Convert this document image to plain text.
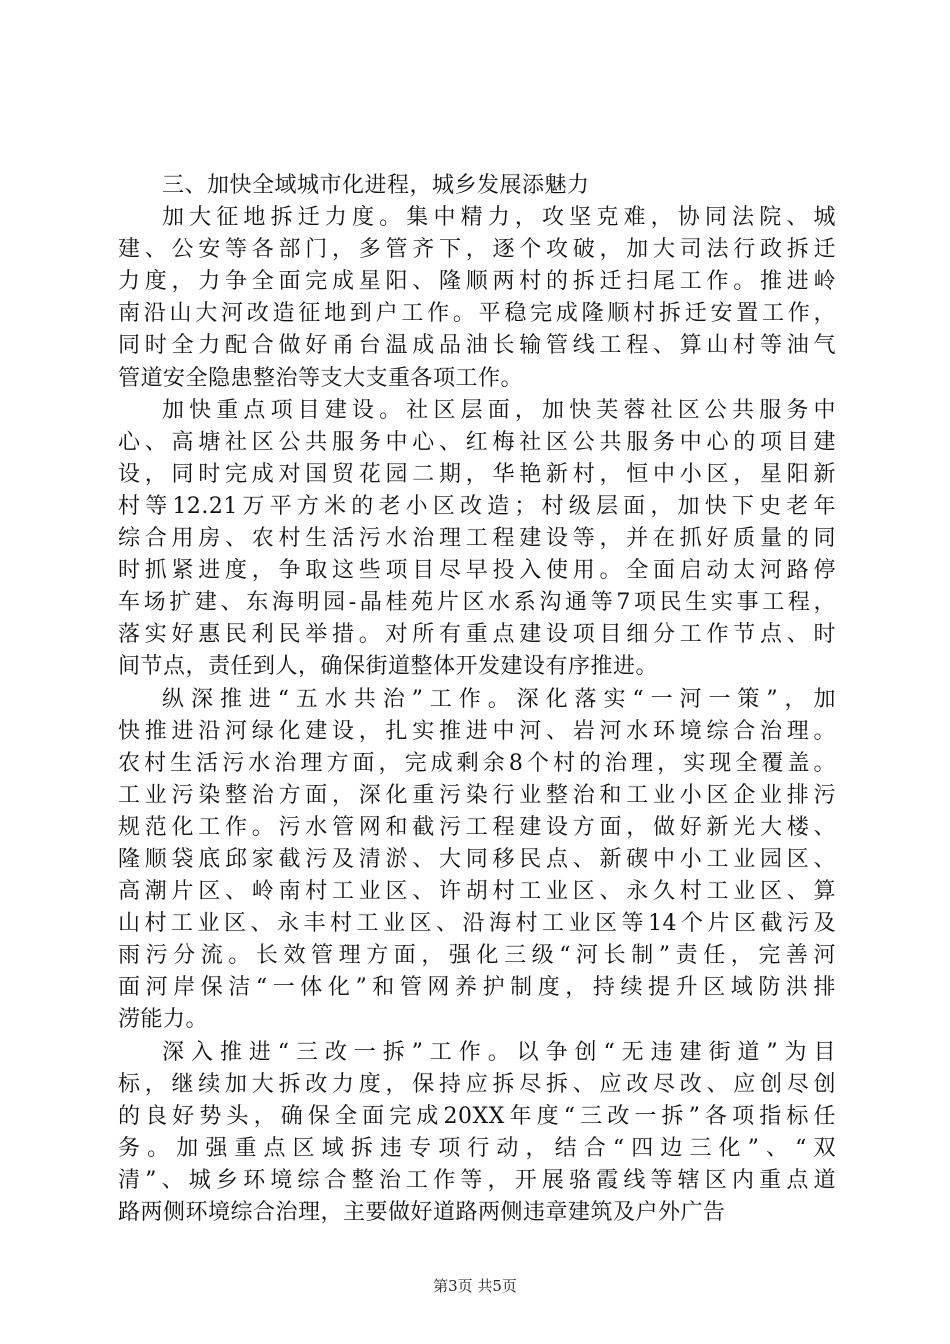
三、加快全域城市化进程，城乡发展添魅力

加大征地拆迁力度。集中精力，攻坚克难，协同法院、城
建、公安等各部门，多管齐下，逐个攻破，加大司法行政拆迁
力度，力争全面完成星阳、隆顺两村的拆迁扫尾工作。推进岭
南沿山大河改造征地到户工作。平稳完成隆顺村拆迁安置工作，
同时全力配合做好甬台温成品油长输管线工程、算山村等油气
管道安全隐患整治等支大支重各项工作。
加快重点项目建设。社区层面，加快芙蓉社区公共服务中
心、高塘社区公共服务中心、红梅社区公共服务中心的项目建
设，同时完成对国贸花园二期，华艳新村，恒中小区，星阳新
村等12.21万平方米的老小区改造；村级层面，加快下史老年
综合用房、农村生活污水治理工程建设等，并在抓好质量的同
时抓紧进度，争取这些项目尽早投入使用。全面启动太河路停
车场扩建、东海明园-晶桂苑片区水系沟通等7项民生实事工程，
落实好惠民利民举措。对所有重点建设项目细分工作节点、时
间节点，责任到人，确保街道整体开发建设有序推进。
纵深推进“五水共治”工作。深化落实“一河一策”，加
快推进沿河绿化建设，扎实推进中河、岩河水环境综合治理。
农村生活污水治理方面，完成剩余8个村的治理，实现全覆盖。
工业污染整治方面，深化重污染行业整治和工业小区企业排污
规范化工作。污水管网和截污工程建设方面，做好新光大楼、
隆顺袋底邱家截污及清淤、大同移民点、新碶中小工业园区、
高潮片区、岭南村工业区、许胡村工业区、永久村工业区、算
山村工业区、永丰村工业区、沿海村工业区等14个片区截污及
雨污分流。长效管理方面，强化三级“河长制”责任，完善河
面河岸保洁“一体化”和管网养护制度，持续提升区域防洪排
涝能力。
深入推进“三改一拆”工作。以争创“无违建街道”为目
标，继续加大拆改力度，保持应拆尽拆、应改尽改、应创尽创
的良好势头，确保全面完成20XX年度“三改一拆”各项指标任
务。加强重点区域拆违专项行动，结合“四边三化”、“双
清”、城乡环境综合整治工作等，开展骆霞线等辖区内重点道
路两侧环境综合治理，主要做好道路两侧违章建筑及户外广告
第3页 共5页
